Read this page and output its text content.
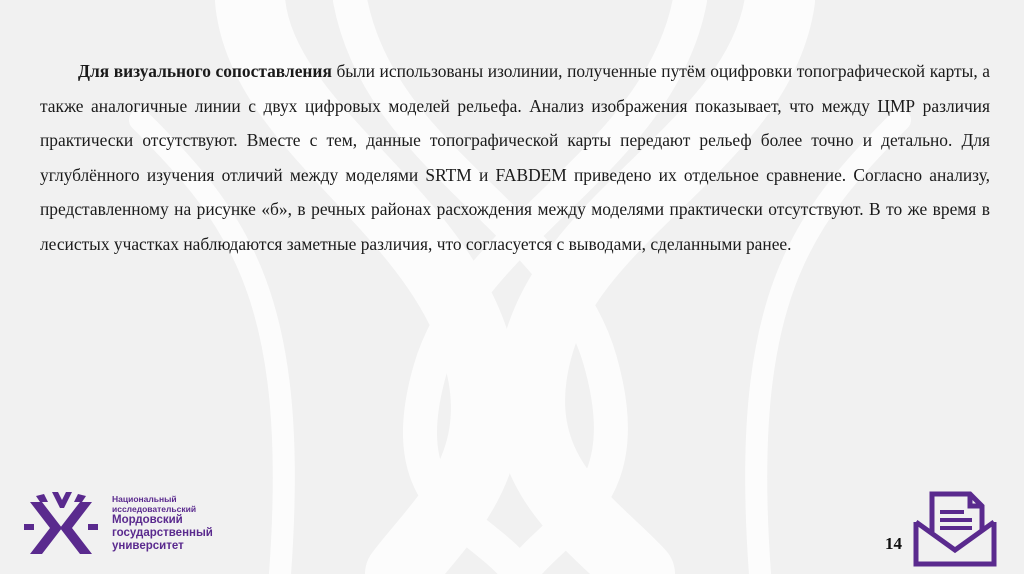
Для визуального сопоставления были использованы изолинии, полученные путём оцифровки топографической карты, а также аналогичные линии с двух цифровых моделей рельефа. Анализ изображения показывает, что между ЦМР различия практически отсутствуют. Вместе с тем, данные топографической карты передают рельеф более точно и детально. Для углублённого изучения отличий между моделями SRTM и FABDEM приведено их отдельное сравнение. Согласно анализу, представленному на рисунке «б», в речных районах расхождения между моделями практически отсутствуют. В то же время в лесистых участках наблюдаются заметные различия, что согласуется с выводами, сделанными ранее.

Национальный
исследовательский
Мордовский
государственный
университет	14
